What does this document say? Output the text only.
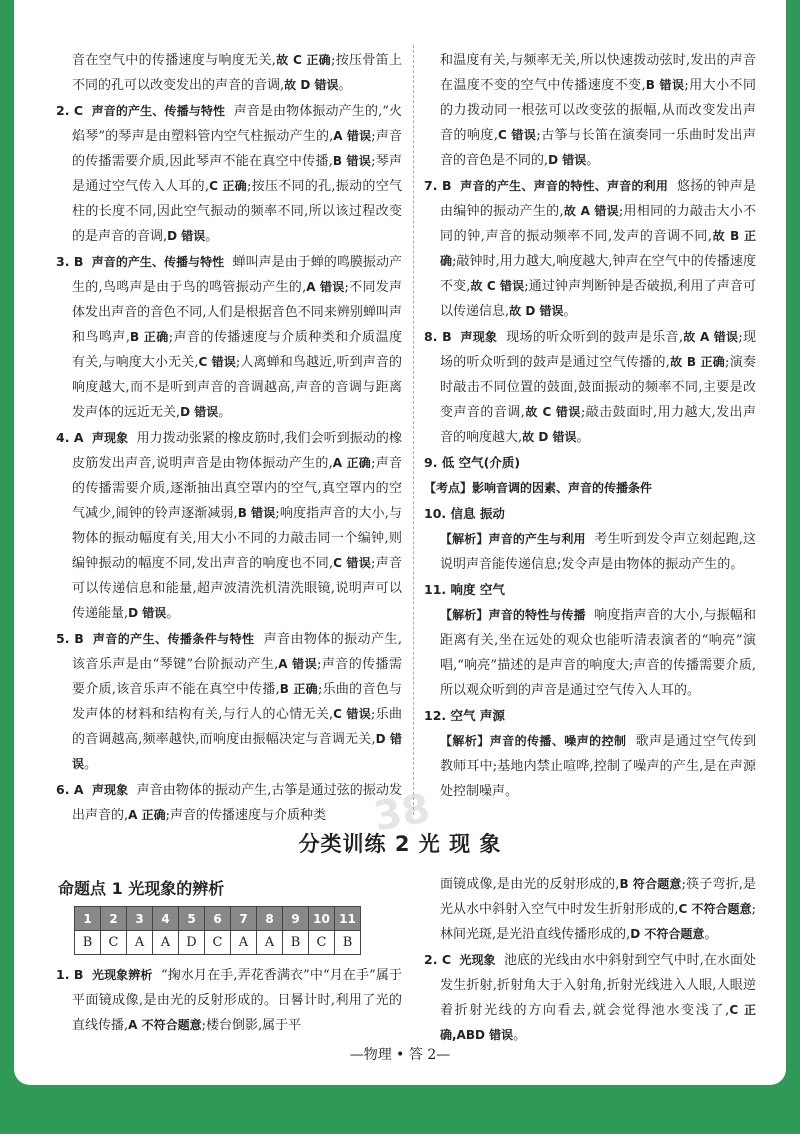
音在空气中的传播速度与响度无关,故 C 正确;按压骨笛上不同的孔可以改变发出的声音的音调,故 D 错误。

2. C 声音的产生、传播与特性 声音是由物体振动产生的,“火焰琴”的琴声是由塑料管内空气柱振动产生的,A 错误;声音的传播需要介质,因此琴声不能在真空中传播,B 错误;琴声是通过空气传入人耳的,C 正确;按压不同的孔,振动的空气柱的长度不同,因此空气振动的频率不同,所以该过程改变的是声音的音调,D 错误。

3. B 声音的产生、传播与特性 蝉叫声是由于蝉的鸣膜振动产生的,鸟鸣声是由于鸟的鸣管振动产生的,A 错误;不同发声体发出声音的音色不同,人们是根据音色不同来辨别蝉叫声和鸟鸣声,B 正确;声音的传播速度与介质种类和介质温度有关,与响度大小无关,C 错误;人离蝉和鸟越近,听到声音的响度越大,而不是听到声音的音调越高,声音的音调与距离发声体的远近无关,D 错误。

4. A 声现象 用力拨动张紧的橡皮筋时,我们会听到振动的橡皮筋发出声音,说明声音是由物体振动产生的,A 正确;声音的传播需要介质,逐渐抽出真空罩内的空气,真空罩内的空气减少,闹钟的铃声逐渐减弱,B 错误;响度指声音的大小,与物体的振动幅度有关,用大小不同的力敲击同一个编钟,则编钟振动的幅度不同,发出声音的响度也不同,C 错误;声音可以传递信息和能量,超声波清洗机清洗眼镜,说明声可以传递能量,D 错误。

5. B 声音的产生、传播条件与特性 声音由物体的振动产生,该音乐声是由“琴键”台阶振动产生,A 错误;声音的传播需要介质,该音乐声不能在真空中传播,B 正确;乐曲的音色与发声体的材料和结构有关,与行人的心情无关,C 错误;乐曲的音调越高,频率越快,而响度由振幅决定与音调无关,D 错误。

6. A 声现象 声音由物体的振动产生,古筝是通过弦的振动发出声音的,A 正确;声音的传播速度与介质种类

和温度有关,与频率无关,所以快速拨动弦时,发出的声音在温度不变的空气中传播速度不变,B 错误;用大小不同的力拨动同一根弦可以改变弦的振幅,从而改变发出声音的响度,C 错误;古筝与长笛在演奏同一乐曲时发出声音的音色是不同的,D 错误。

7. B 声音的产生、声音的特性、声音的利用 悠扬的钟声是由编钟的振动产生的,故 A 错误;用相同的力敲击大小不同的钟,声音的振动频率不同,发声的音调不同,故 B 正确;敲钟时,用力越大,响度越大,钟声在空气中的传播速度不变,故 C 错误;通过钟声判断钟是否破损,利用了声音可以传递信息,故 D 错误。

8. B 声现象 现场的听众听到的鼓声是乐音,故 A 错误;现场的听众听到的鼓声是通过空气传播的,故 B 正确;演奏时敲击不同位置的鼓面,鼓面振动的频率不同,主要是改变声音的音调,故 C 错误;敲击鼓面时,用力越大,发出声音的响度越大,故 D 错误。

9. 低 空气(介质)

【考点】影响音调的因素、声音的传播条件

10. 信息 振动

【解析】声音的产生与利用 考生听到发令声立刻起跑,这说明声音能传递信息;发令声是由物体的振动产生的。

11. 响度 空气

【解析】声音的特性与传播 响度指声音的大小,与振幅和距离有关,坐在远处的观众也能听清表演者的“响亮”演唱,“响亮”描述的是声音的响度大;声音的传播需要介质,所以观众听到的声音是通过空气传入人耳的。

12. 空气 声源

【解析】声音的传播、噪声的控制 歌声是通过空气传到教师耳中;基地内禁止喧哗,控制了噪声的产生,是在声源处控制噪声。

38
分类训练 2 光 现 象
命题点 1 光现象的辨析
1	2	3	4	5	6	7	8	9	10	11
B	C	A	A	D	C	A	A	B	C	B

1. B 光现象辨析 “掬水月在手,弄花香满衣”中“月在手”属于平面镜成像,是由光的反射形成的。日晷计时,利用了光的直线传播,A 不符合题意;楼台倒影,属于平

面镜成像,是由光的反射形成的,B 符合题意;筷子弯折,是光从水中斜射入空气中时发生折射形成的,C 不符合题意;林间光斑,是光沿直线传播形成的,D 不符合题意。

2. C 光现象 池底的光线由水中斜射到空气中时,在水面处发生折射,折射角大于入射角,折射光线进入人眼,人眼逆着折射光线的方向看去,就会觉得池水变浅了,C 正确,ABD 错误。

—物理 • 答 2—
